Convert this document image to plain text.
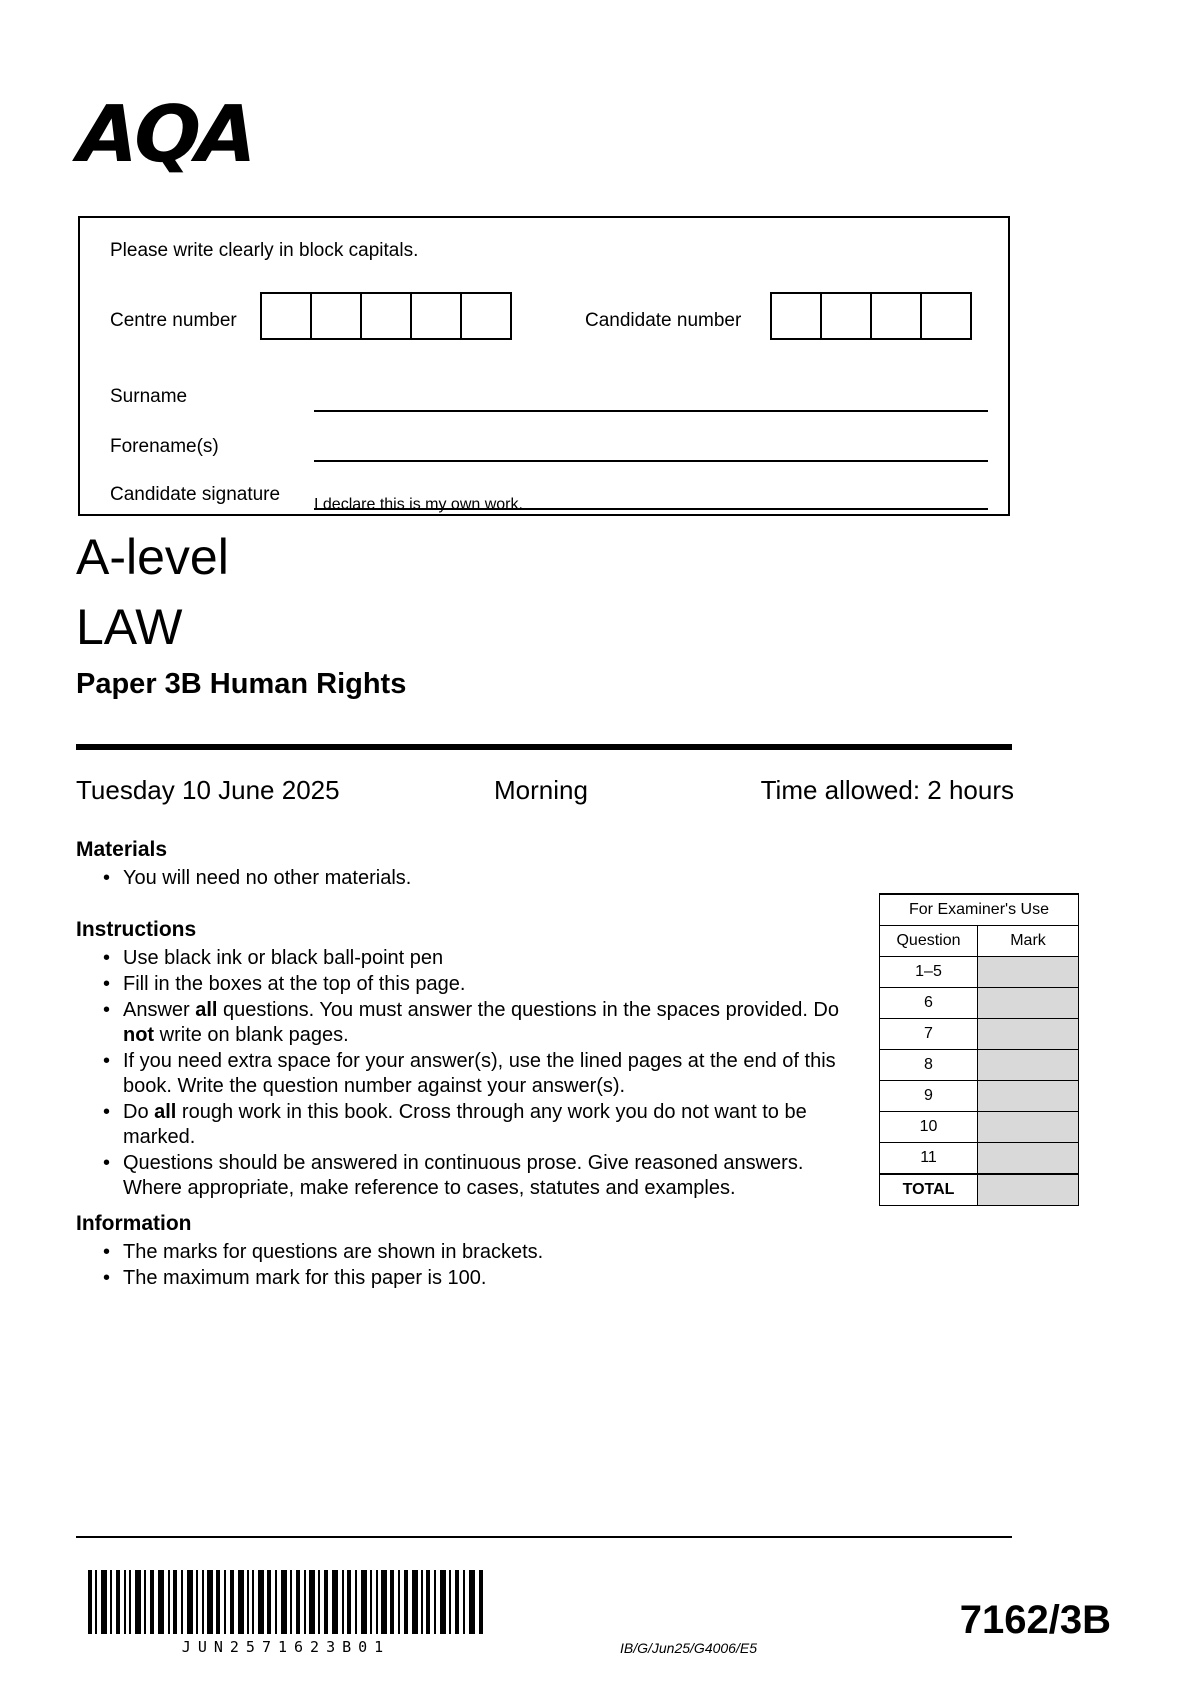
AQA
Please write clearly in block capitals.
Centre number	Candidate number
Surname
Forename(s)
Candidate signature I declare this is my own work.
A-level
LAW
Paper 3B Human Rights
Tuesday 10 June 2025	Morning	Time allowed: 2 hours
Materials
• You will need no other materials.
Instructions
• Use black ink or black ball-point pen
• Fill in the boxes at the top of this page.
• Answer all questions. You must answer the questions in the spaces provided. Do not write on blank pages.
• If you need extra space for your answer(s), use the lined pages at the end of this book. Write the question number against your answer(s).
• Do all rough work in this book. Cross through any work you do not want to be marked.
• Questions should be answered in continuous prose. Give reasoned answers. Where appropriate, make reference to cases, statutes and examples.
Information
• The marks for questions are shown in brackets.
• The maximum mark for this paper is 100.
For Examiner's Use	
Question	Mark
1–5	
6	
7	
8	
9	
10	
11	
TOTAL	
JUN2571623B01	IB/G/Jun25/G4006/E5
7162/3B
